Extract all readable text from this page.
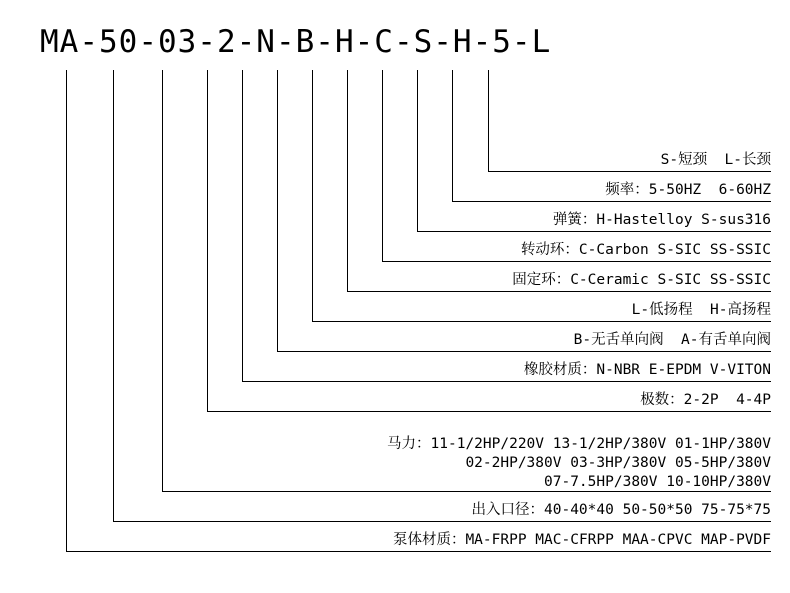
MA-50-03-2-N-B-H-C-S-H-5-L
S-短颈  L-长颈
频率：5-50HZ  6-60HZ
弹簧：H-Hastelloy S-sus316
转动环：C-Carbon S-SIC SS-SSIC
固定环：C-Ceramic S-SIC SS-SSIC
L-低扬程  H-高扬程
B-无舌单向阀  A-有舌单向阀
橡胶材质：N-NBR E-EPDM V-VITON
极数：2-2P  4-4P
马力：11-1/2HP/220V 13-1/2HP/380V 01-1HP/380V
02-2HP/380V 03-3HP/380V 05-5HP/380V
07-7.5HP/380V 10-10HP/380V
出入口径：40-40*40 50-50*50 75-75*75
泵体材质：MA-FRPP MAC-CFRPP MAA-CPVC MAP-PVDF
